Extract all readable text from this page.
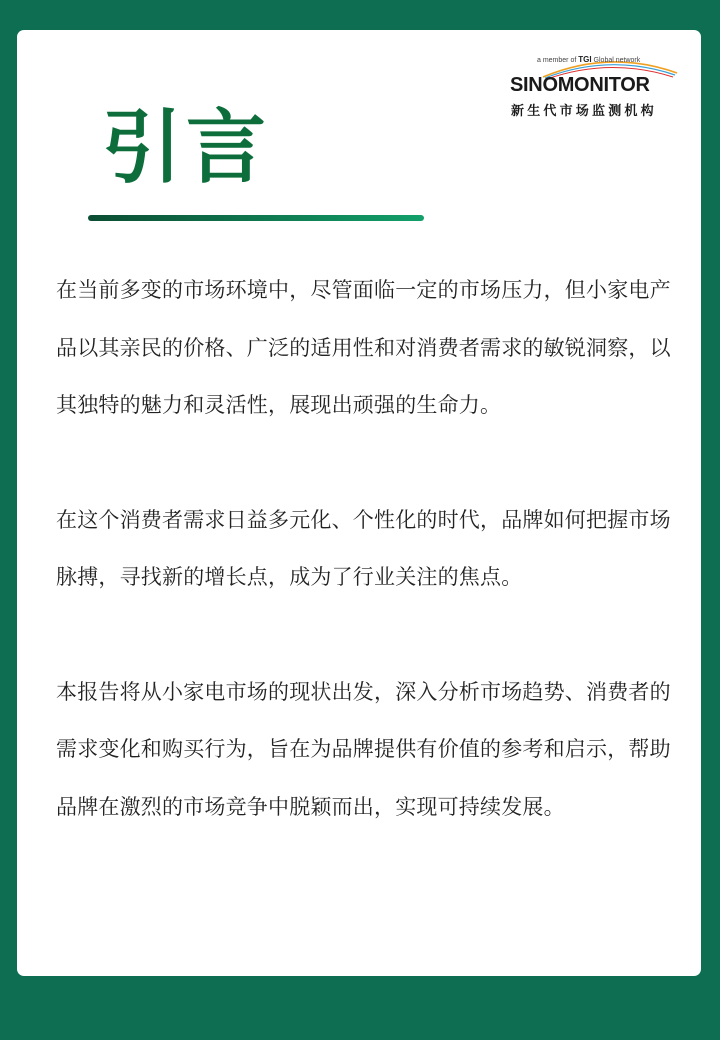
a member of TGI Global network
SINOMONITOR
新生代市场监测机构
引言

在当前多变的市场环境中，尽管面临一定的市场压力，但小家电产品以其亲民的价格、广泛的适用性和对消费者需求的敏锐洞察，以其独特的魅力和灵活性，展现出顽强的生命力。

在这个消费者需求日益多元化、个性化的时代，品牌如何把握市场脉搏，寻找新的增长点，成为了行业关注的焦点。

本报告将从小家电市场的现状出发，深入分析市场趋势、消费者的需求变化和购买行为，旨在为品牌提供有价值的参考和启示，帮助品牌在激烈的市场竞争中脱颖而出，实现可持续发展。
